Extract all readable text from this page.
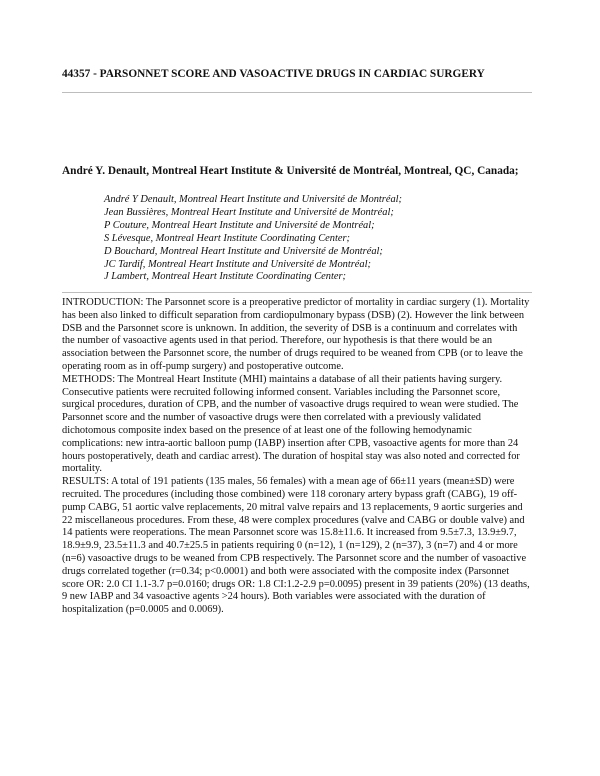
44357 - PARSONNET SCORE AND VASOACTIVE DRUGS IN CARDIAC SURGERY
André Y. Denault, Montreal Heart Institute & Université de Montréal, Montreal, QC, Canada;
André Y Denault, Montreal Heart Institute and Université de Montréal;
Jean Bussières, Montreal Heart Institute and Université de Montréal;
P Couture, Montreal Heart Institute and Université de Montréal;
S Lévesque, Montreal Heart Institute Coordinating Center;
D Bouchard, Montreal Heart Institute and Université de Montréal;
JC Tardif, Montreal Heart Institute and Université de Montréal;
J Lambert, Montreal Heart Institute Coordinating Center;

INTRODUCTION: The Parsonnet score is a preoperative predictor of mortality in cardiac surgery (1). Mortality has been also linked to difficult separation from cardiopulmonary bypass (DSB) (2). However the link between DSB and the Parsonnet score is unknown. In addition, the severity of DSB is a continuum and correlates with the number of vasoactive agents used in that period. Therefore, our hypothesis is that there would be an association between the Parsonnet score, the number of drugs required to be weaned from CPB (or to leave the operating room as in off-pump surgery) and postoperative outcome.

METHODS: The Montreal Heart Institute (MHI) maintains a database of all their patients having surgery. Consecutive patients were recruited following informed consent. Variables including the Parsonnet score, surgical procedures, duration of CPB, and the number of vasoactive drugs required to wean were studied. The Parsonnet score and the number of vasoactive drugs were then correlated with a previously validated dichotomous composite index based on the presence of at least one of the following hemodynamic complications: new intra-aortic balloon pump (IABP) insertion after CPB, vasoactive agents for more than 24 hours postoperatively, death and cardiac arrest). The duration of hospital stay was also noted and corrected for mortality.

RESULTS: A total of 191 patients (135 males, 56 females) with a mean age of 66±11 years (mean±SD) were recruited. The procedures (including those combined) were 118 coronary artery bypass graft (CABG), 19 off-pump CABG, 51 aortic valve replacements, 20 mitral valve repairs and 13 replacements, 9 aortic surgeries and 22 miscellaneous procedures. From these, 48 were complex procedures (valve and CABG or double valve) and 14 patients were reoperations. The mean Parsonnet score was 15.8±11.6. It increased from 9.5±7.3, 13.9±9.7, 18.9±9.9, 23.5±11.3 and 40.7±25.5 in patients requiring 0 (n=12), 1 (n=129), 2 (n=37), 3 (n=7) and 4 or more (n=6) vasoactive drugs to be weaned from CPB respectively. The Parsonnet score and the number of vasoactive drugs correlated together (r=0.34; p<0.0001) and both were associated with the composite index (Parsonnet score OR: 2.0 CI 1.1-3.7 p=0.0160; drugs OR: 1.8 CI:1.2-2.9 p=0.0095) present in 39 patients (20%) (13 deaths, 9 new IABP and 34 vasoactive agents >24 hours). Both variables were associated with the duration of hospitalization (p=0.0005 and 0.0069).
